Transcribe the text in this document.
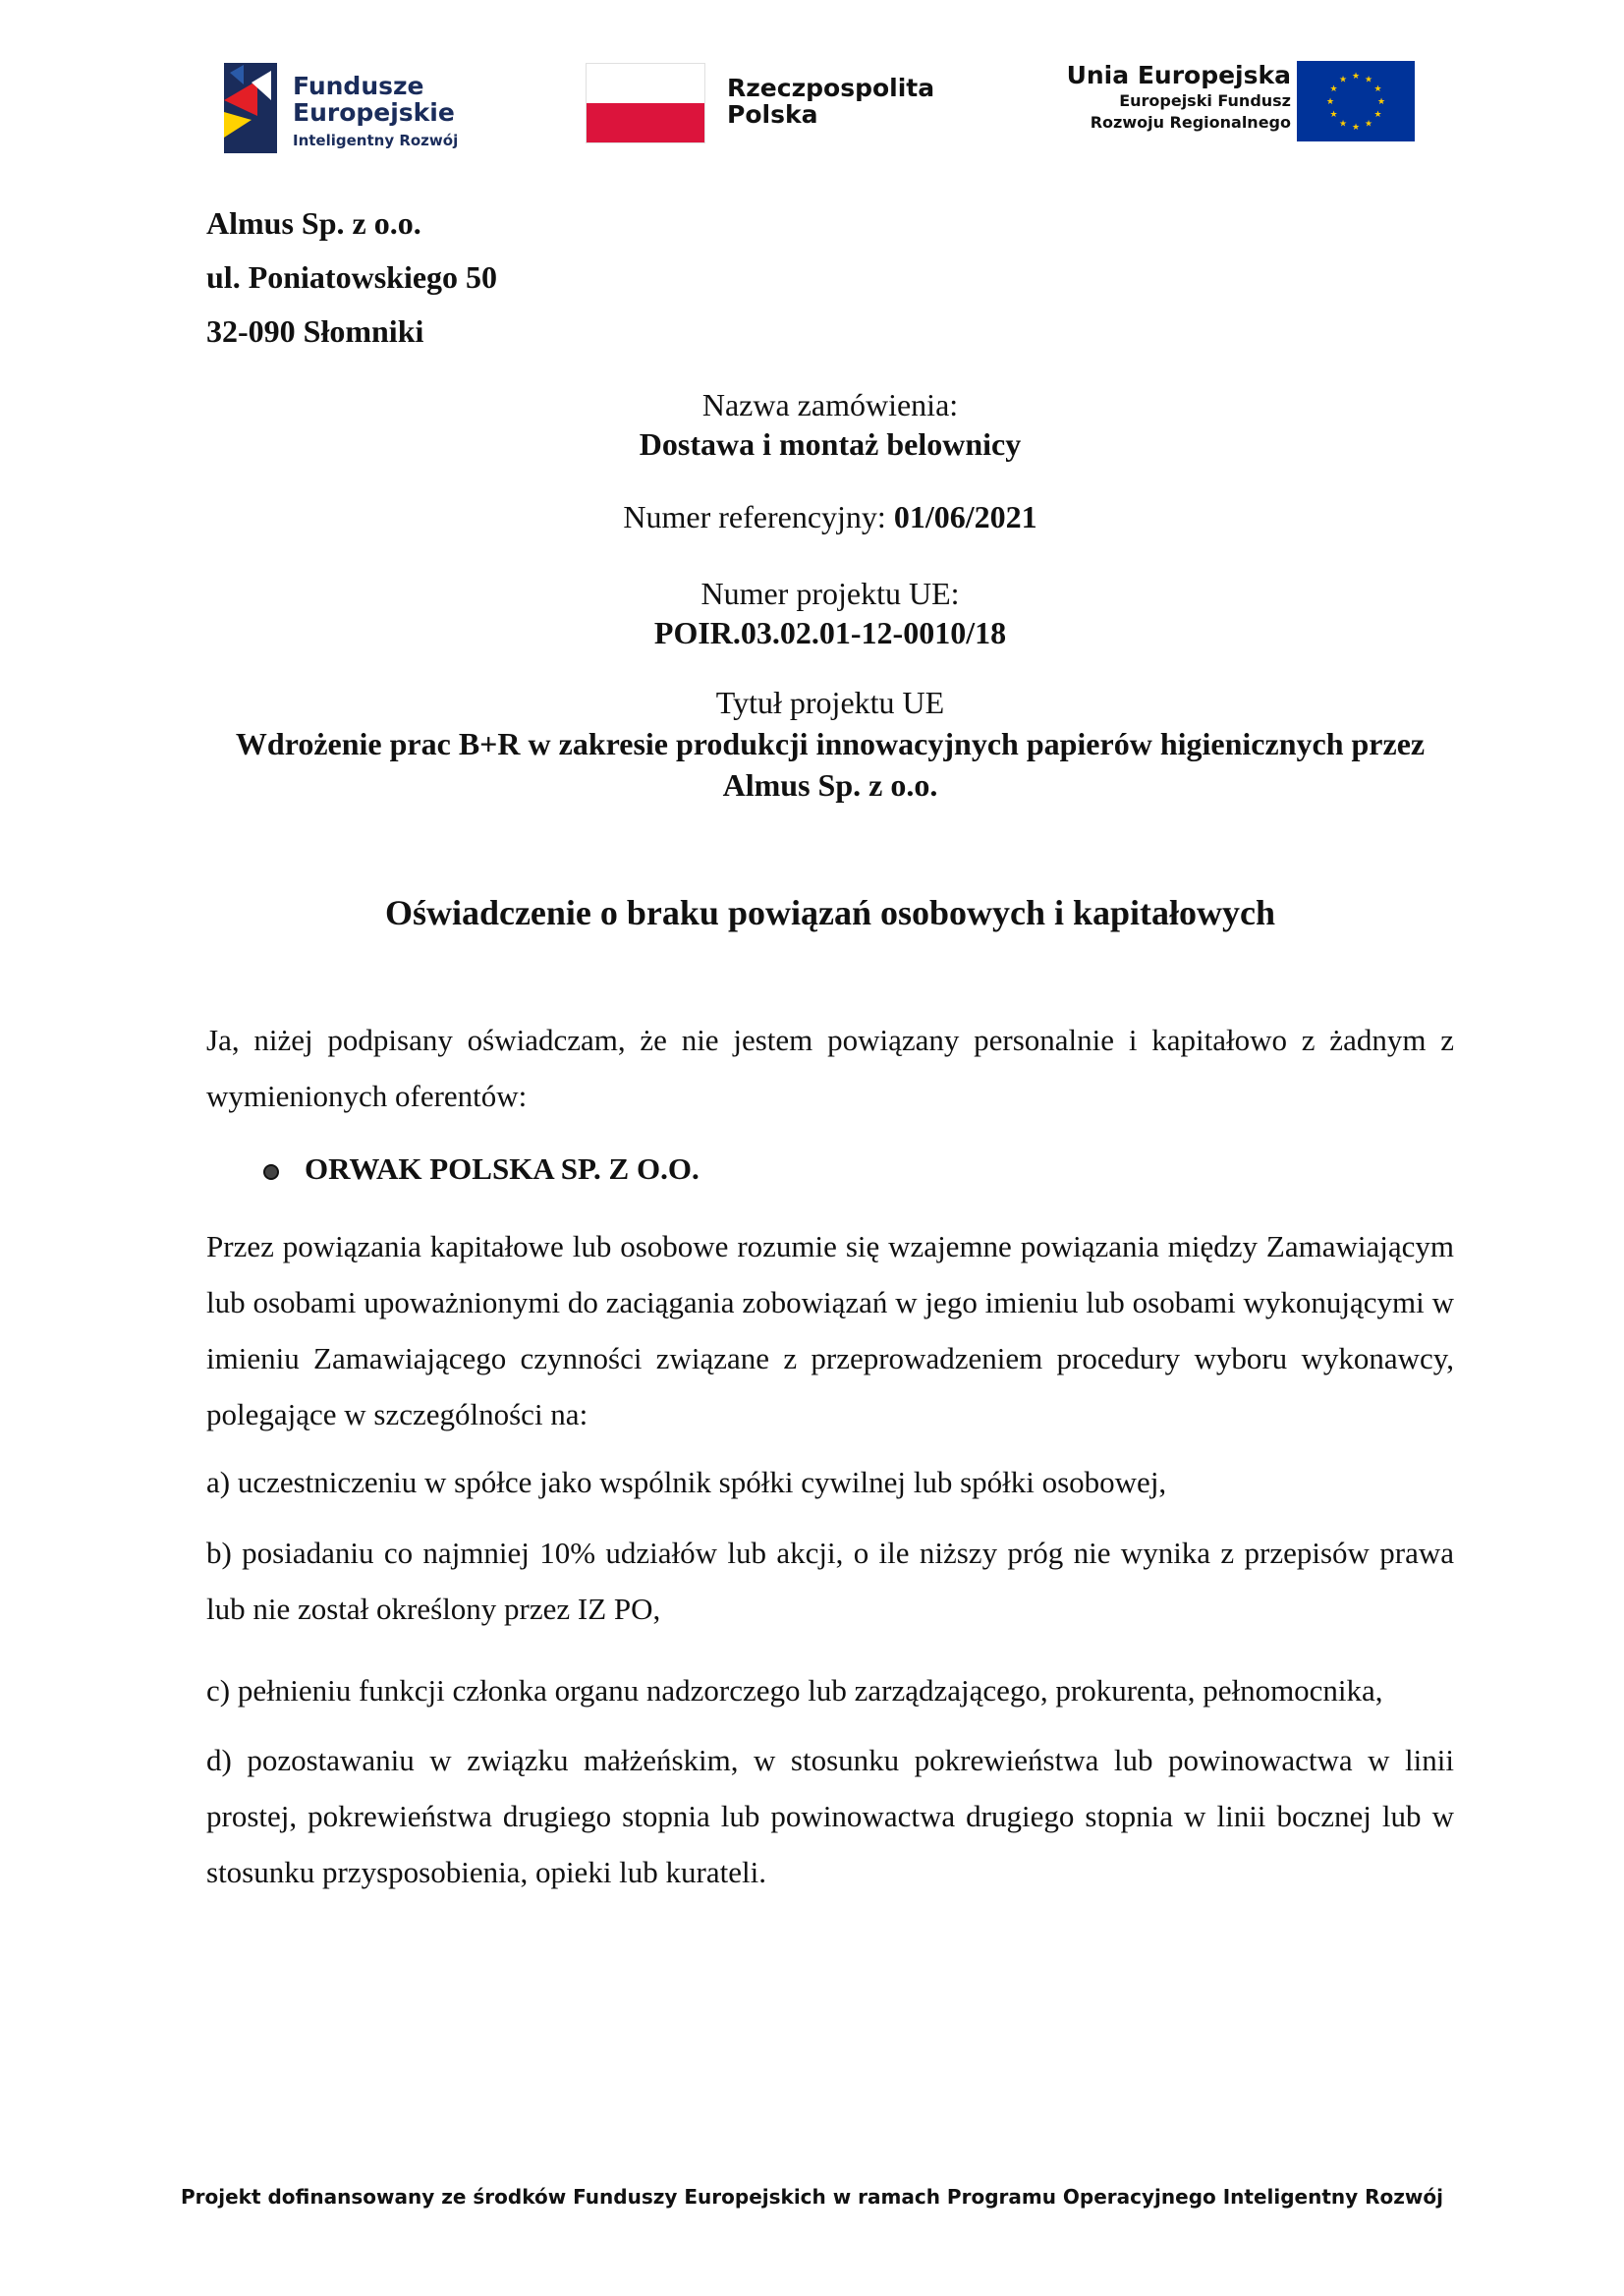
Fundusze
Europejskie
Inteligentny Rozwój
Rzeczpospolita
Polska
Unia Europejska
Europejski Fundusz
Rozwoju Regionalnego
★ ★
★
★
★
★
★
★
★
★
★
★
Almus Sp. z o.o.
ul. Poniatowskiego 50
32-090 Słomniki
Nazwa zamówienia:
Dostawa i montaż belownicy
Numer referencyjny: 01/06/2021
Numer projektu UE:
POIR.03.02.01-12-0010/18
Tytuł projektu UE
Wdrożenie prac B+R w zakresie produkcji innowacyjnych papierów higienicznych przez
Almus Sp. z o.o.
Oświadczenie o braku powiązań osobowych i kapitałowych
Ja, niżej podpisany oświadczam, że nie jestem powiązany personalnie i kapitałowo z żadnym z wymienionych oferentów:
ORWAK POLSKA SP. Z O.O.
Przez powiązania kapitałowe lub osobowe rozumie się wzajemne powiązania między Zamawiającym lub osobami upoważnionymi do zaciągania zobowiązań w jego imieniu lub osobami wykonującymi w imieniu Zamawiającego czynności związane z przeprowadzeniem procedury wyboru wykonawcy, polegające w szczególności na:
a) uczestniczeniu w spółce jako wspólnik spółki cywilnej lub spółki osobowej,
b) posiadaniu co najmniej 10% udziałów lub akcji, o ile niższy próg nie wynika z przepisów prawa lub nie został określony przez IZ PO,
c) pełnieniu funkcji członka organu nadzorczego lub zarządzającego, prokurenta, pełnomocnika,
d) pozostawaniu w związku małżeńskim, w stosunku pokrewieństwa lub powinowactwa w linii prostej, pokrewieństwa drugiego stopnia lub powinowactwa drugiego stopnia w linii bocznej lub w stosunku przysposobienia, opieki lub kurateli.
Projekt dofinansowany ze środków Funduszy Europejskich w ramach Programu Operacyjnego Inteligentny Rozwój
